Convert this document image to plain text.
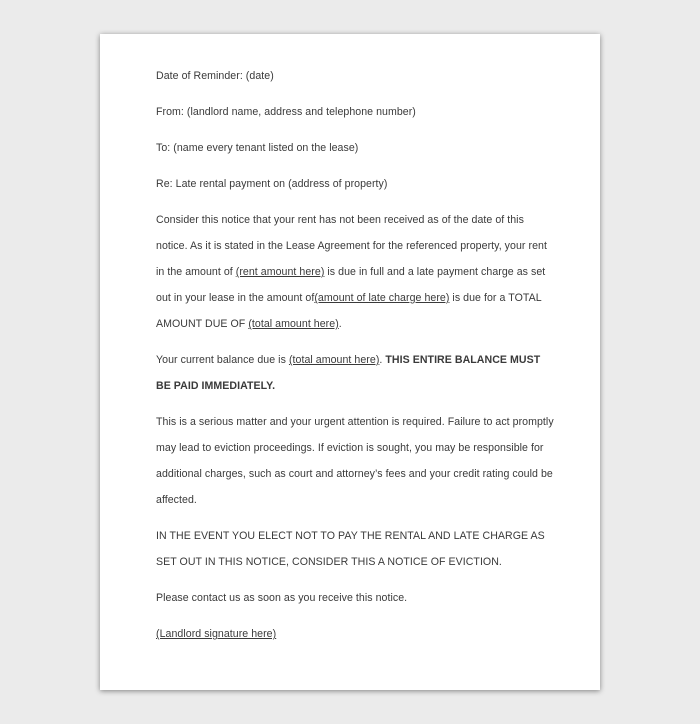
Date of Reminder: (date)

From: (landlord name, address and telephone number)

To: (name every tenant listed on the lease)

Re: Late rental payment on (address of property)

Consider this notice that your rent has not been received as of the date of this notice. As it is stated in the Lease Agreement for the referenced property, your rent in the amount of (rent amount here) is due in full and a late payment charge as set out in your lease in the amount of(amount of late charge here) is due for a TOTAL AMOUNT DUE OF (total amount here).

Your current balance due is (total amount here). THIS ENTIRE BALANCE MUST BE PAID IMMEDIATELY.

This is a serious matter and your urgent attention is required. Failure to act promptly may lead to eviction proceedings. If eviction is sought, you may be responsible for additional charges, such as court and attorney’s fees and your credit rating could be affected.

IN THE EVENT YOU ELECT NOT TO PAY THE RENTAL AND LATE CHARGE AS SET OUT IN THIS NOTICE, CONSIDER THIS A NOTICE OF EVICTION.

Please contact us as soon as you receive this notice.

(Landlord signature here)
